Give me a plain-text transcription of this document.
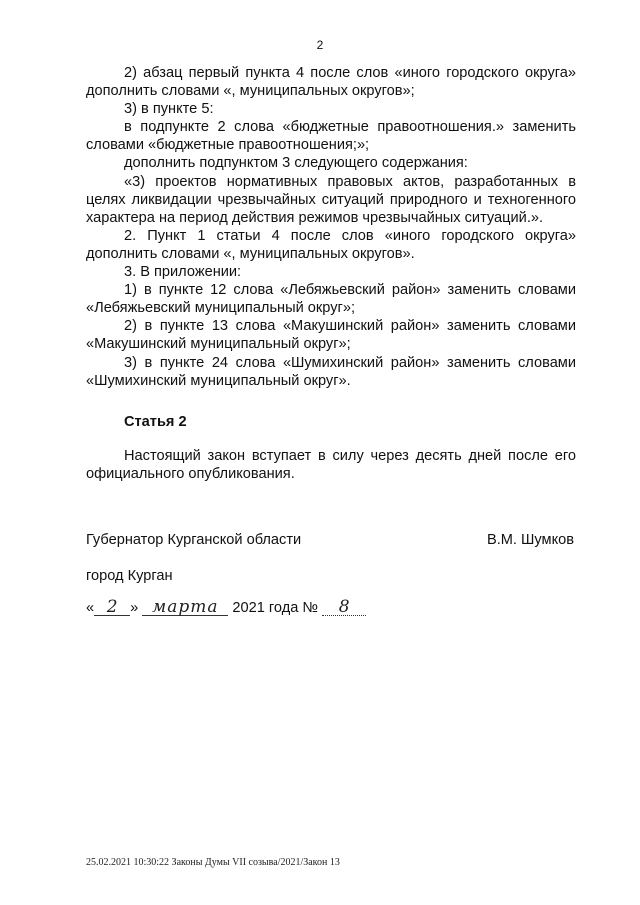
2

2) абзац первый пункта 4 после слов «иного городского округа» дополнить словами «, муниципальных округов»;

3) в пункте 5:

в подпункте 2 слова «бюджетные правоотношения.» заменить словами «бюджетные правоотношения;»;

дополнить подпунктом 3 следующего содержания:

«3) проектов нормативных правовых актов, разработанных в целях ликвидации чрезвычайных ситуаций природного и техногенного характера на период действия режимов чрезвычайных ситуаций.».

2. Пункт 1 статьи 4 после слов «иного городского округа» дополнить словами «, муниципальных округов».

3. В приложении:

1) в пункте 12 слова «Лебяжьевский район» заменить словами «Лебяжьевский муниципальный округ»;

2) в пункте 13 слова «Макушинский район» заменить словами «Макушинский муниципальный округ»;

3) в пункте 24 слова «Шумихинский район» заменить словами «Шумихинский муниципальный округ».

Статья 2

Настоящий закон вступает в силу через десять дней после его официального опубликования.

Губернатор Курганской области	В.М. Шумков
город Курган
« 2 » марта 2021 года № 8
25.02.2021 10:30:22 Законы Думы VII созыва/2021/Закон 13
